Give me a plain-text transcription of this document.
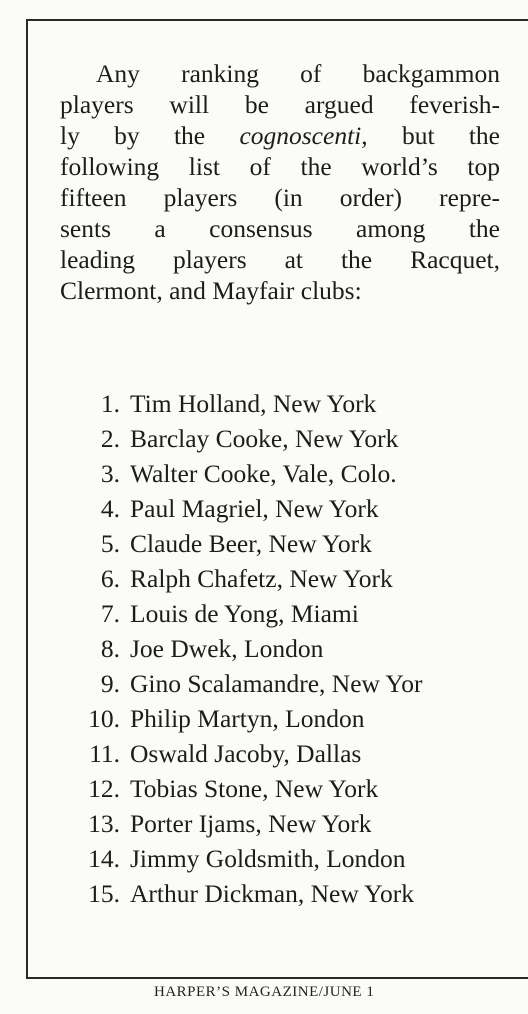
Any ranking of backgammon
players will be argued feverish-
ly by the cognoscenti, but the
following list of the world’s top
fifteen players (in order) repre-
sents a consensus among the
leading players at the Racquet,
Clermont, and Mayfair clubs:
1. Tim Holland, New York
2. Barclay Cooke, New York
3. Walter Cooke, Vale, Colo.
4. Paul Magriel, New York
5. Claude Beer, New York
6. Ralph Chafetz, New York
7. Louis de Yong, Miami
8. Joe Dwek, London
9. Gino Scalamandre, New Yor
10. Philip Martyn, London
11. Oswald Jacoby, Dallas
12. Tobias Stone, New York
13. Porter Ijams, New York
14. Jimmy Goldsmith, London
15. Arthur Dickman, New York
HARPER’S MAGAZINE/JUNE 1
